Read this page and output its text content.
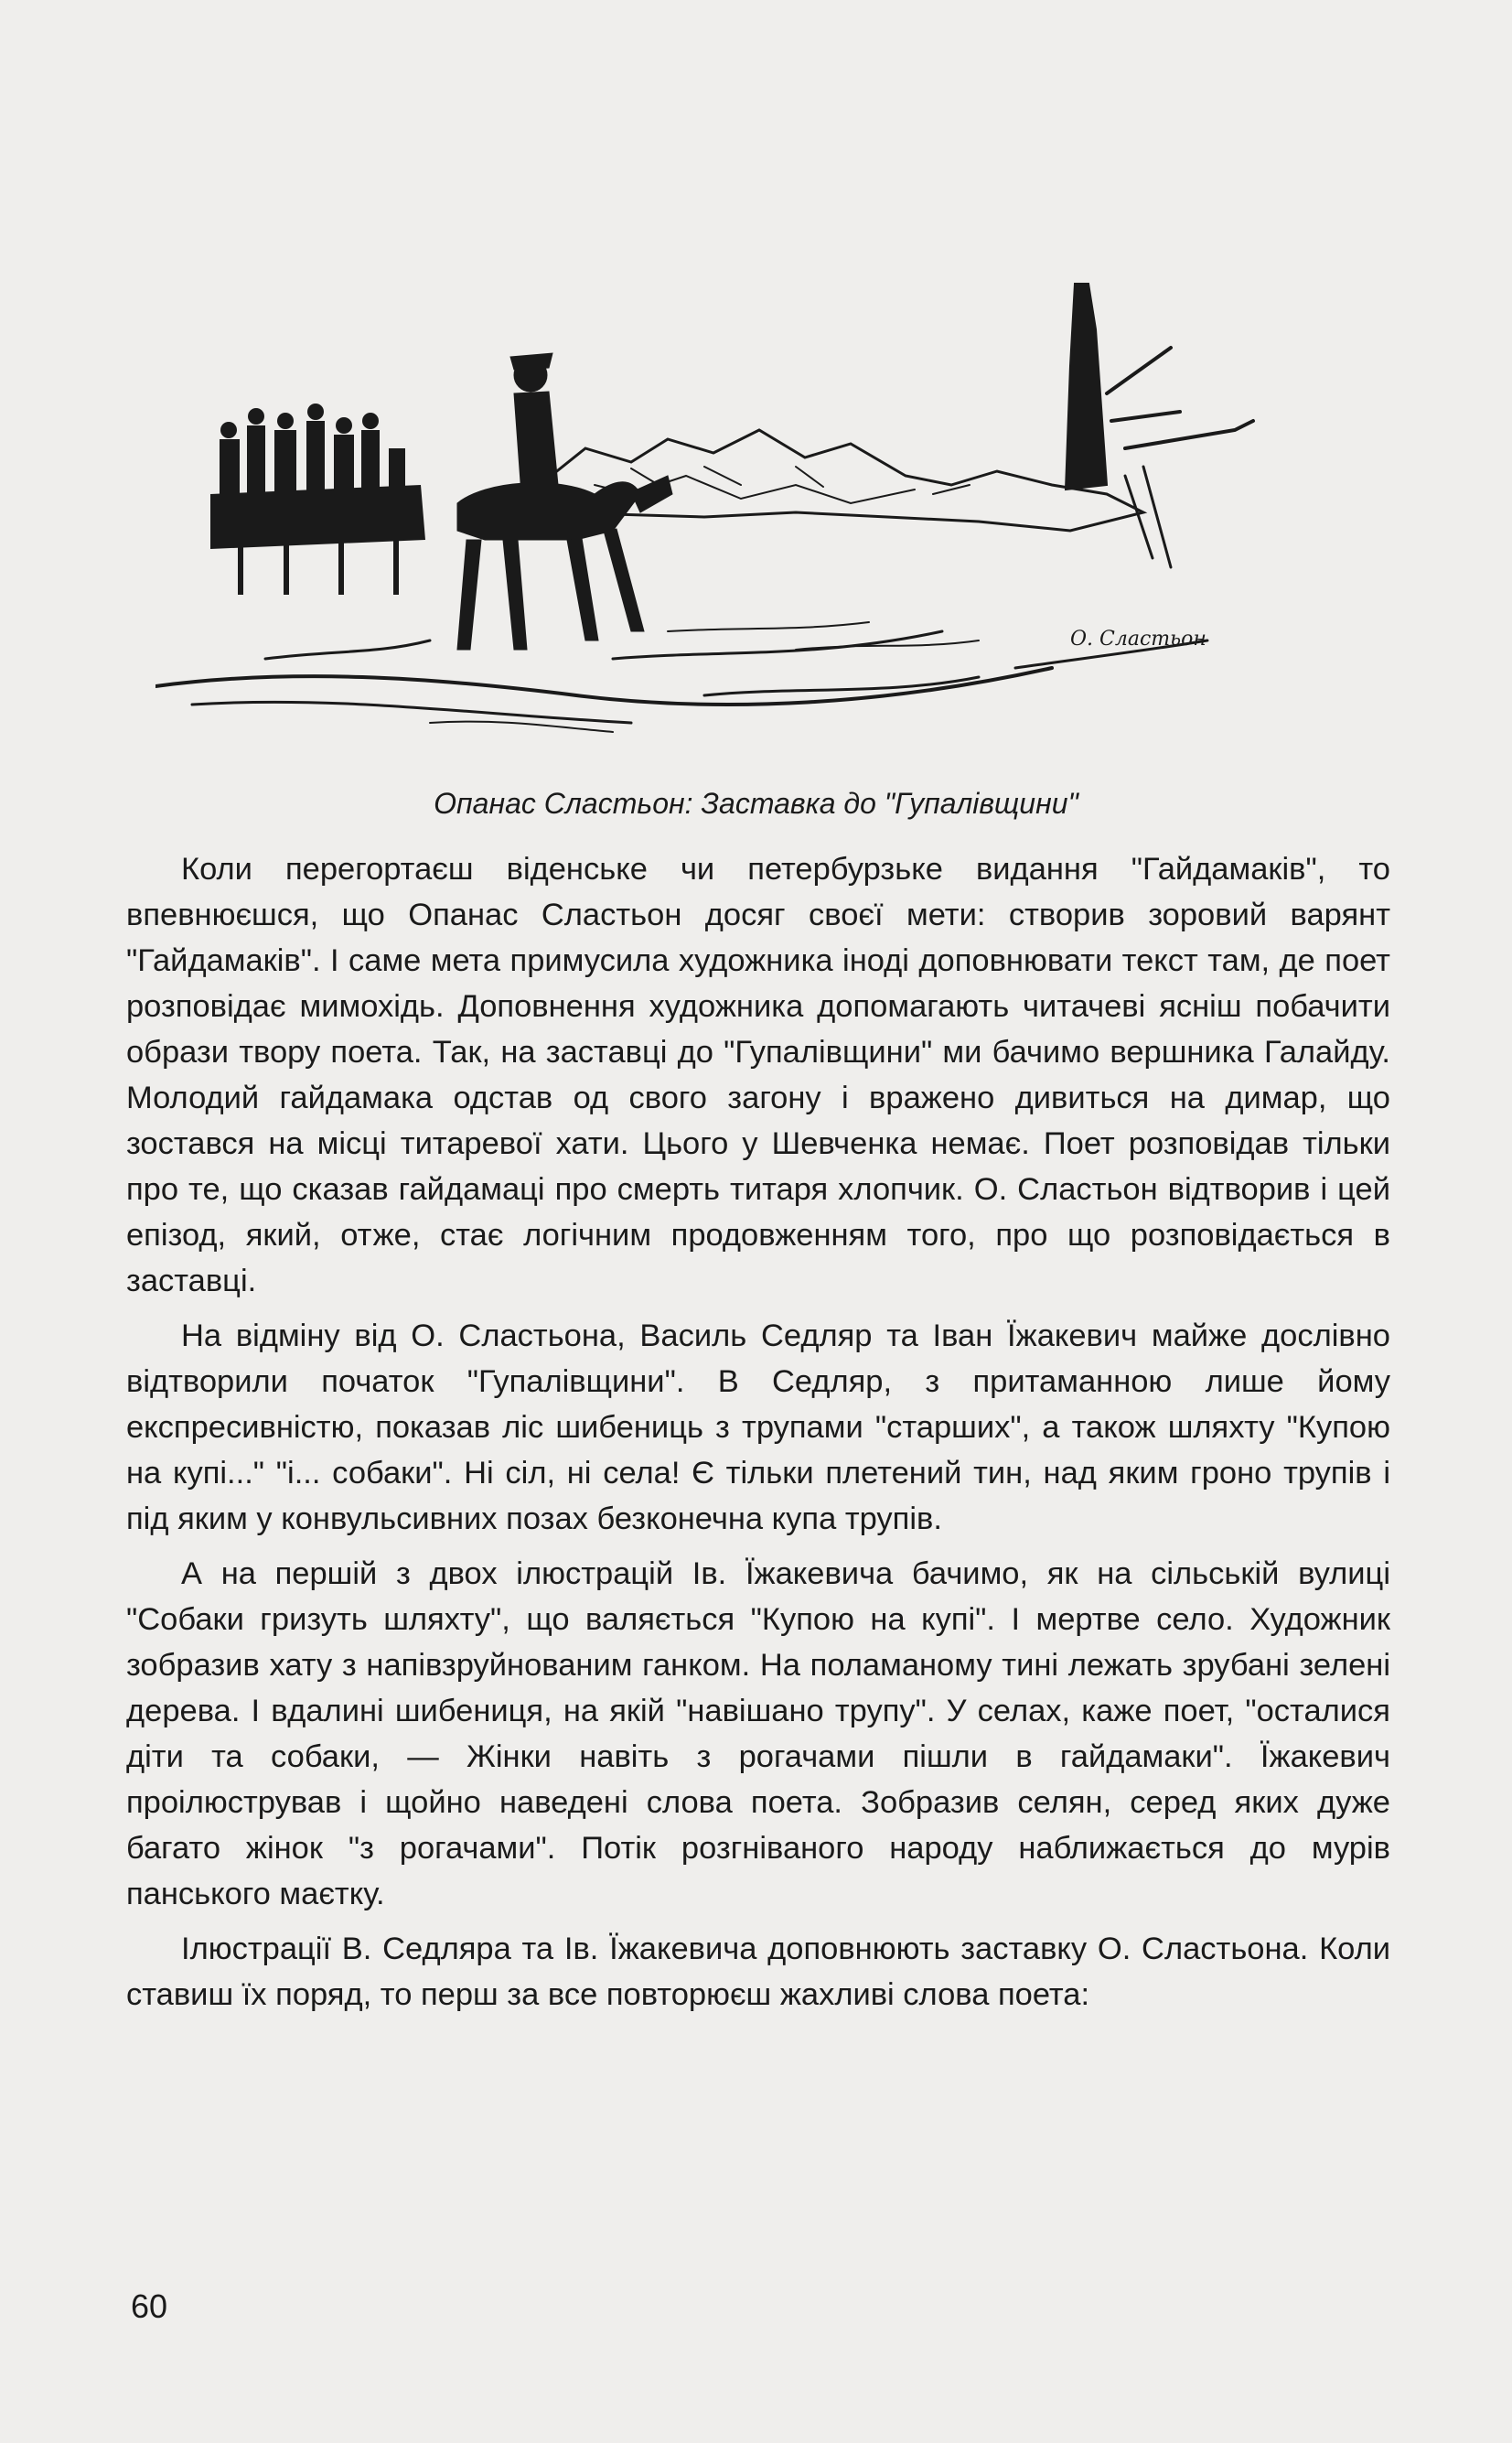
О. Сластьон
Опанас Сластьон: Заставка до "Гупалівщини"

Коли перегортаєш віденське чи петербурзьке видання "Гайдамаків", то впевнюєшся, що Опанас Сластьон досяг своєї мети: створив зоровий варянт "Гайдамаків". І саме мета примусила художника іноді доповнювати текст там, де поет розповідає мимохідь. Доповнення художника допомагають читачеві ясніш побачити образи твору поета. Так, на заставці до "Гупалівщини" ми бачимо вершника Галайду. Молодий гайдамака одстав од свого загону і вражено дивиться на димар, що зостався на місці титаревої хати. Цього у Шевченка немає. Поет розповідав тільки про те, що сказав гайдамаці про смерть титаря хлопчик. О. Сластьон відтворив і цей епізод, який, отже, стає логічним продовженням того, про що розповідається в заставці.

На відміну від О. Сластьона, Василь Седляр та Іван Їжакевич майже дослівно відтворили початок "Гупалівщини". В Седляр, з притаманною лише йому експресивністю, показав ліс шибениць з трупами "старших", а також шляхту "Купою на купі..." "і... собаки". Ні сіл, ні села! Є тільки плетений тин, над яким гроно трупів і під яким у конвульсивних позах безконечна купа трупів.

А на першій з двох ілюстрацій Ів. Їжакевича бачимо, як на сільській вулиці "Собаки гризуть шляхту", що валяється "Купою на купі". І мертве село. Художник зобразив хату з напівзруйнованим ганком. На поламаному тині лежать зрубані зелені дерева. І вдалині шибениця, на якій "навішано трупу". У селах, каже поет, "осталися діти та собаки, — Жінки навіть з рогачами пішли в гайдамаки". Їжакевич проілюстрував і щойно наведені слова поета. Зобразив селян, серед яких дуже багато жінок "з рогачами". Потік розгніваного народу наближається до мурів панського маєтку.

Ілюстрації В. Седляра та Ів. Їжакевича доповнюють заставку О. Сластьона. Коли ставиш їх поряд, то перш за все повторюєш жахливі слова поета:

60
